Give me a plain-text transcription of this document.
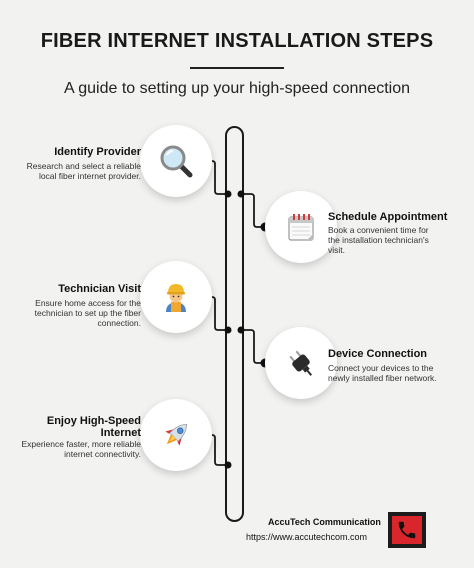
FIBER INTERNET INSTALLATION STEPS
A guide to setting up your high-speed connection
Identify Provider
Research and select a reliable local fiber internet provider.
Schedule Appointment
Book a convenient time for the installation technician's visit.
Technician Visit
Ensure home access for the technician to set up the fiber connection.
Device Connection
Connect your devices to the newly installed fiber network.
Enjoy High-Speed Internet
Experience faster, more reliable internet connectivity.
AccuTech Communication
https://www.accutechcom.com
